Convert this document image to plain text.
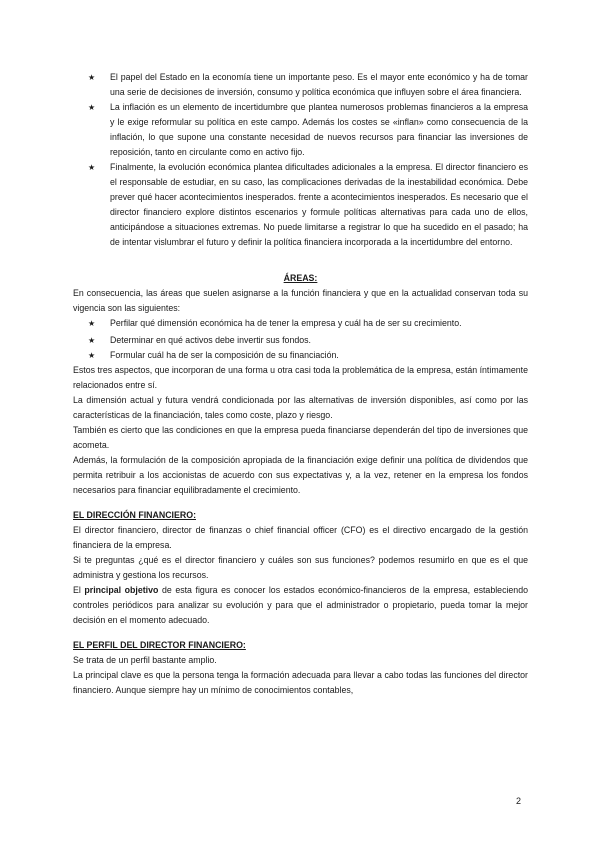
★ El papel del Estado en la economía tiene un importante peso. Es el mayor ente económico y ha de tomar una serie de decisiones de inversión, consumo y política económica que influyen sobre el área financiera.
★ La inflación es un elemento de incertidumbre que plantea numerosos problemas financieros a la empresa y le exige reformular su política en este campo. Además los costes se «inflan» como consecuencia de la inflación, lo que supone una constante necesidad de nuevos recursos para financiar las inversiones de reposición, tanto en circulante como en activo fijo.
★ Finalmente, la evolución económica plantea dificultades adicionales a la empresa. El director financiero es el responsable de estudiar, en su caso, las complicaciones derivadas de la inestabilidad económica. Debe prever qué hacer acontecimientos inesperados. frente a acontecimientos inesperados. Es necesario que el director financiero explore distintos escenarios y formule políticas alternativas para cada uno de ellos, anticipándose a situaciones extremas. No puede limitarse a registrar lo que ha sucedido en el pasado; ha de intentar vislumbrar el futuro y definir la política financiera incorporada a la incertidumbre del entorno.
ÁREAS:

En consecuencia, las áreas que suelen asignarse a la función financiera y que en la actualidad conservan toda su vigencia son las siguientes:

★ Perfilar qué dimensión económica ha de tener la empresa y cuál ha de ser su crecimiento.
★ Determinar en qué activos debe invertir sus fondos.
★ Formular cuál ha de ser la composición de su financiación.

Estos tres aspectos, que incorporan de una forma u otra casi toda la problemática de la empresa, están íntimamente relacionados entre sí.

La dimensión actual y futura vendrá condicionada por las alternativas de inversión disponibles, así como por las características de la financiación, tales como coste, plazo y riesgo.

También es cierto que las condiciones en que la empresa pueda financiarse dependerán del tipo de inversiones que acometa.

Además, la formulación de la composición apropiada de la financiación exige definir una política de dividendos que permita retribuir a los accionistas de acuerdo con sus expectativas y, a la vez, retener en la empresa los fondos necesarios para financiar equilibradamente el crecimiento.

EL DIRECCIÓN FINANCIERO:

El director financiero, director de finanzas o chief financial officer (CFO) es el directivo encargado de la gestión financiera de la empresa.

Si te preguntas ¿qué es el director financiero y cuáles son sus funciones? podemos resumirlo en que es el que administra y gestiona los recursos.

El principal objetivo de esta figura es conocer los estados económico-financieros de la empresa, estableciendo controles periódicos para analizar su evolución y para que el administrador o propietario, pueda tomar la mejor decisión en el momento adecuado.

EL PERFIL DEL DIRECTOR FINANCIERO:

Se trata de un perfil bastante amplio.

La principal clave es que la persona tenga la formación adecuada para llevar a cabo todas las funciones del director financiero. Aunque siempre hay un mínimo de conocimientos contables,

2
